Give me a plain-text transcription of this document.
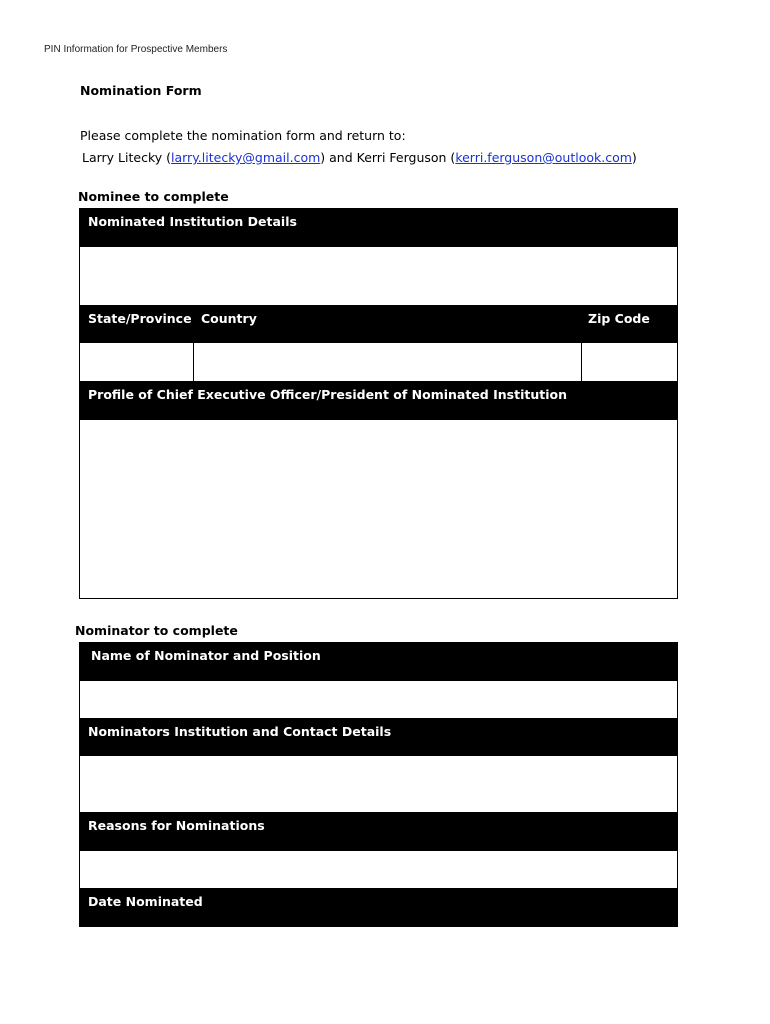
PIN Information for Prospective Members
Nomination Form
Please complete the nomination form and return to:
Larry Litecky (larry.litecky@gmail.com) and Kerri Ferguson (kerri.ferguson@outlook.com)
Nominee to complete
Nominated Institution Details
State/Province Country	Zip Code
Profile of Chief Executive Officer/President of Nominated Institution
Nominator to complete
Name of Nominator and Position
Nominators Institution and Contact Details
Reasons for Nominations
Date Nominated
